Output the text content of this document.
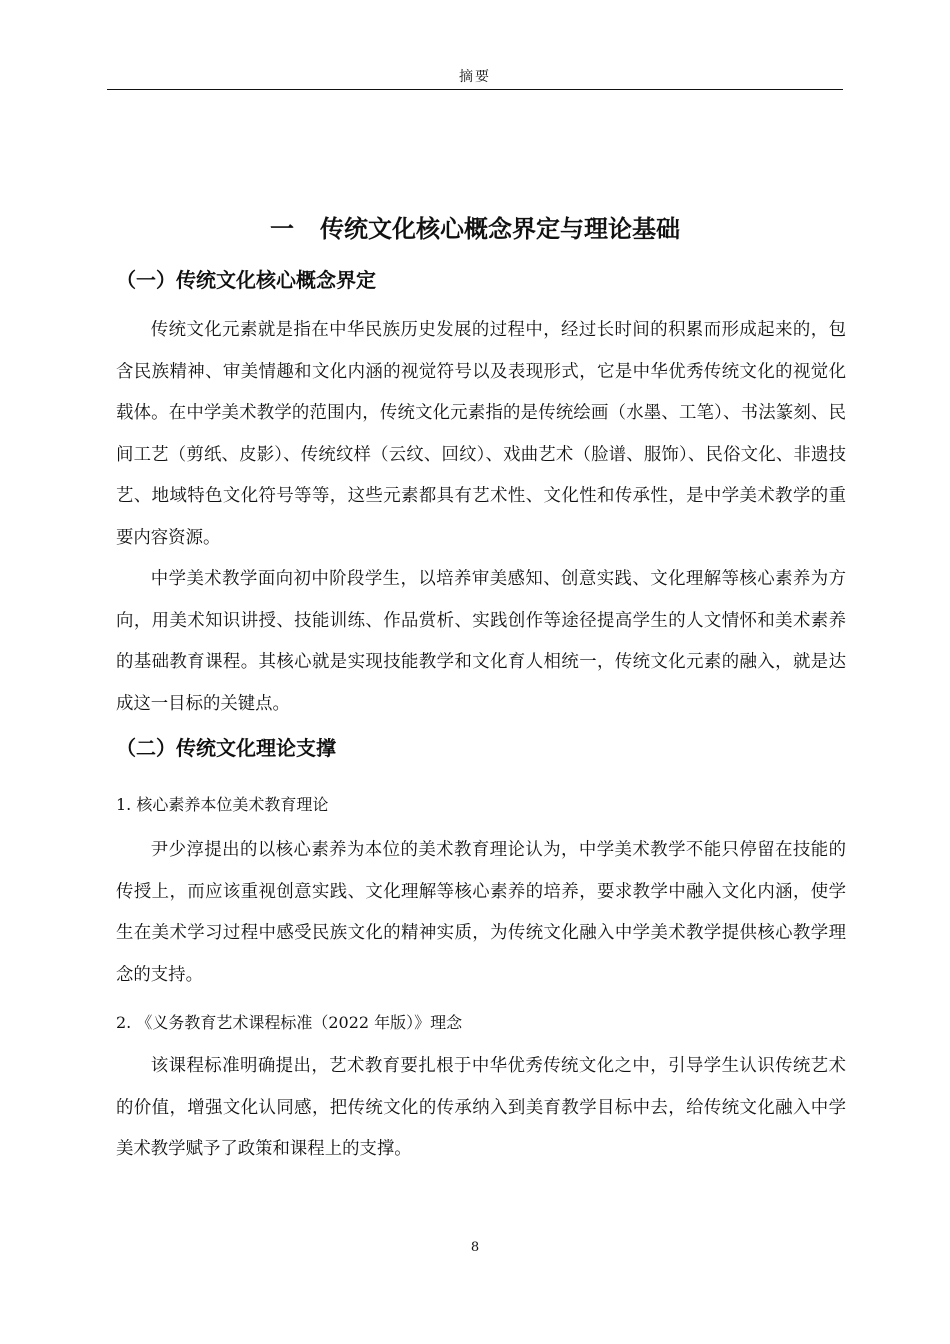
摘要
一 传统文化核心概念界定与理论基础
（一）传统文化核心概念界定

传统文化元素就是指在中华民族历史发展的过程中，经过长时间的积累而形成起来的，包含民族精神、审美情趣和文化内涵的视觉符号以及表现形式，它是中华优秀传统文化的视觉化载体。在中学美术教学的范围内，传统文化元素指的是传统绘画（水墨、工笔）、书法篆刻、民间工艺（剪纸、皮影）、传统纹样（云纹、回纹）、戏曲艺术（脸谱、服饰）、民俗文化、非遗技艺、地域特色文化符号等等，这些元素都具有艺术性、文化性和传承性，是中学美术教学的重要内容资源。

中学美术教学面向初中阶段学生，以培养审美感知、创意实践、文化理解等核心素养为方向，用美术知识讲授、技能训练、作品赏析、实践创作等途径提高学生的人文情怀和美术素养的基础教育课程。其核心就是实现技能教学和文化育人相统一，传统文化元素的融入，就是达成这一目标的关键点。

（二）传统文化理论支撑
1. 核心素养本位美术教育理论

尹少淳提出的以核心素养为本位的美术教育理论认为，中学美术教学不能只停留在技能的传授上，而应该重视创意实践、文化理解等核心素养的培养，要求教学中融入文化内涵，使学生在美术学习过程中感受民族文化的精神实质，为传统文化融入中学美术教学提供核心教学理念的支持。

2. 《义务教育艺术课程标准（2022 年版）》理念

该课程标准明确提出，艺术教育要扎根于中华优秀传统文化之中，引导学生认识传统艺术的价值，增强文化认同感，把传统文化的传承纳入到美育教学目标中去，给传统文化融入中学美术教学赋予了政策和课程上的支撑。

8
